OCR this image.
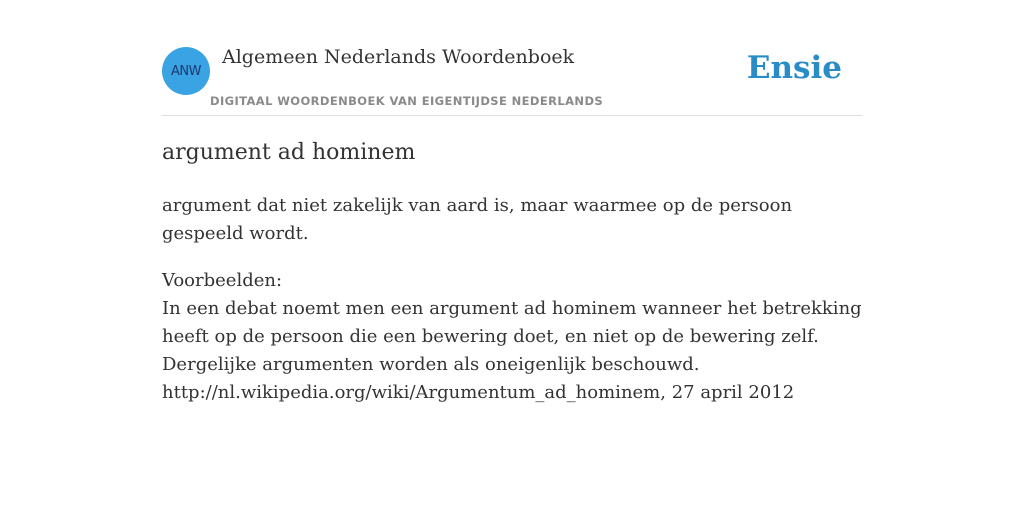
ANW
Algemeen Nederlands Woordenboek
DIGITAAL WOORDENBOEK VAN EIGENTIJDSE NEDERLANDS
Ensie
argument ad hominem

argument dat niet zakelijk van aard is, maar waarmee op de persoon gespeeld wordt.

Voorbeelden:
In een debat noemt men een argument ad hominem wanneer het betrekking
heeft op de persoon die een bewering doet, en niet op de bewering zelf.
Dergelijke argumenten worden als oneigenlijk beschouwd.
http://nl.wikipedia.org/wiki/Argumentum_ad_hominem, 27 april 2012
